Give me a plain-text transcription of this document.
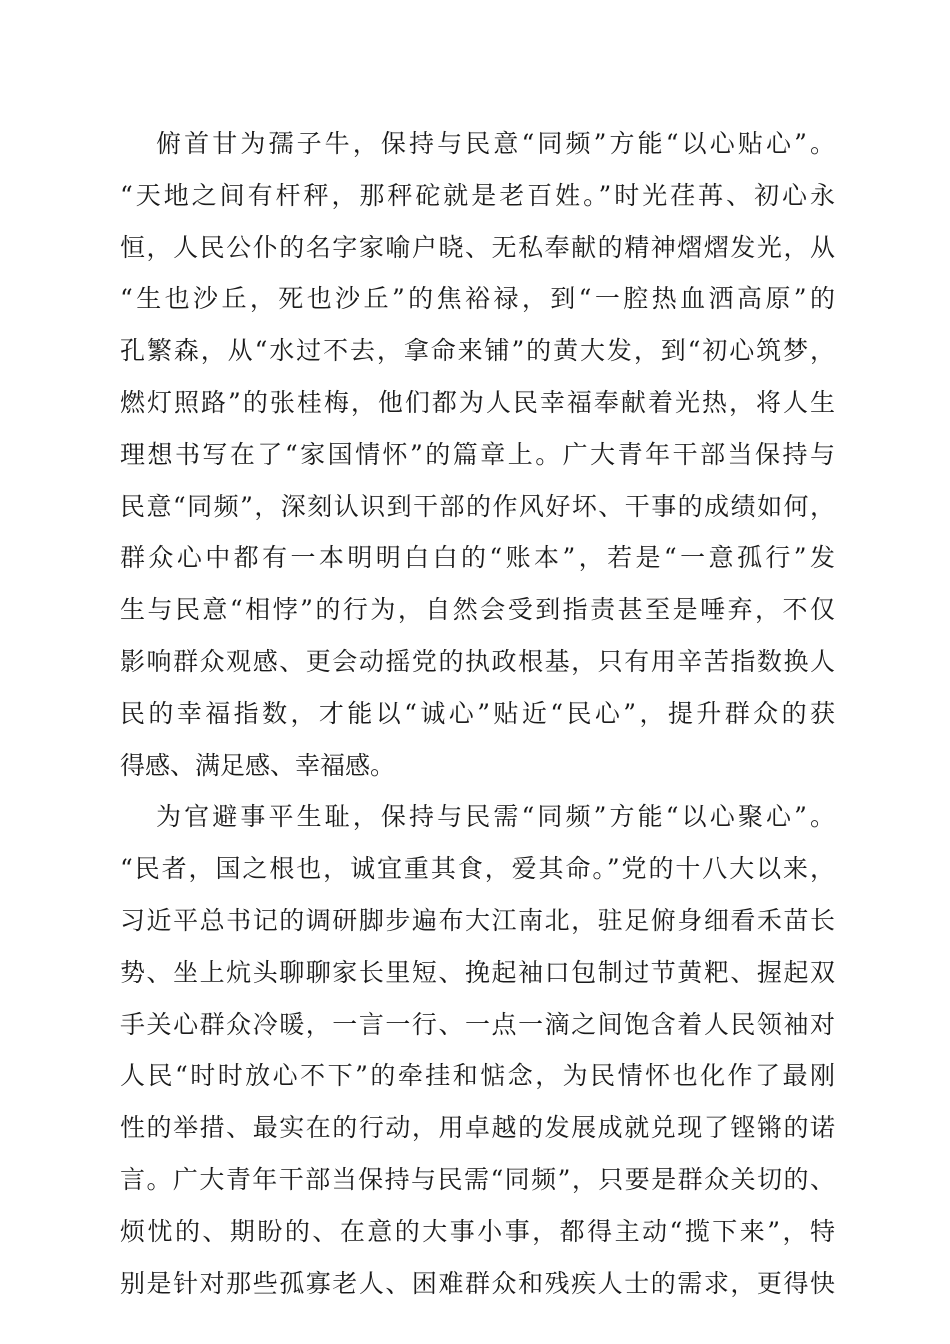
俯首甘为孺子牛，保持与民意“同频”方能“以心贴心”。
“天地之间有杆秤，那秤砣就是老百姓。”时光荏苒、初心永
恒，人民公仆的名字家喻户晓、无私奉献的精神熠熠发光，从
“生也沙丘，死也沙丘”的焦裕禄，到“一腔热血洒高原”的
孔繁森，从“水过不去，拿命来铺”的黄大发，到“初心筑梦，
燃灯照路”的张桂梅，他们都为人民幸福奉献着光热，将人生
理想书写在了“家国情怀”的篇章上。广大青年干部当保持与
民意“同频”，深刻认识到干部的作风好坏、干事的成绩如何，
群众心中都有一本明明白白的“账本”，若是“一意孤行”发
生与民意“相悖”的行为，自然会受到指责甚至是唾弃，不仅
影响群众观感、更会动摇党的执政根基，只有用辛苦指数换人
民的幸福指数，才能以“诚心”贴近“民心”，提升群众的获
得感、满足感、幸福感。
为官避事平生耻，保持与民需“同频”方能“以心聚心”。
“民者，国之根也，诚宜重其食，爱其命。”党的十八大以来，
习近平总书记的调研脚步遍布大江南北，驻足俯身细看禾苗长
势、坐上炕头聊聊家长里短、挽起袖口包制过节黄粑、握起双
手关心群众冷暖，一言一行、一点一滴之间饱含着人民领袖对
人民“时时放心不下”的牵挂和惦念，为民情怀也化作了最刚
性的举措、最实在的行动，用卓越的发展成就兑现了铿锵的诺
言。广大青年干部当保持与民需“同频”，只要是群众关切的、
烦忧的、期盼的、在意的大事小事，都得主动“揽下来”，特
别是针对那些孤寡老人、困难群众和残疾人士的需求，更得快
